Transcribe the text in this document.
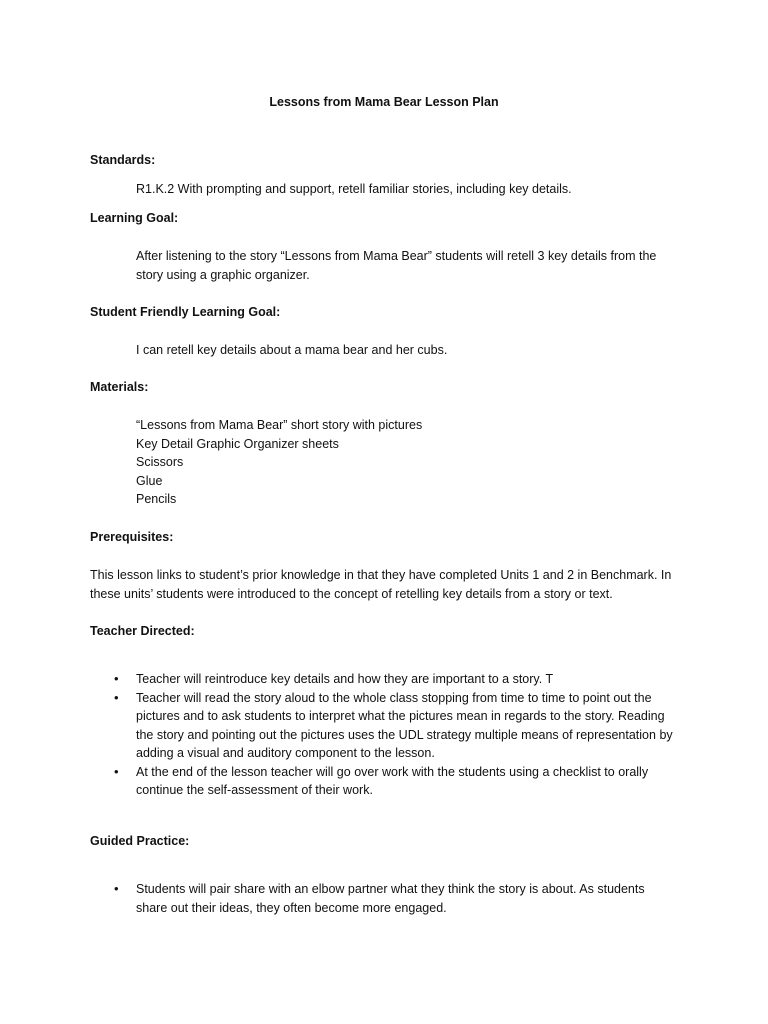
Lessons from Mama Bear Lesson Plan
Standards:

R1.K.2 With prompting and support, retell familiar stories, including key details.

Learning Goal:

After listening to the story “Lessons from Mama Bear” students will retell 3 key details from the story using a graphic organizer.

Student Friendly Learning Goal:

I can retell key details about a mama bear and her cubs.

Materials:
“Lessons from Mama Bear” short story with pictures
Key Detail Graphic Organizer sheets
Scissors
Glue
Pencils
Prerequisites:

This lesson links to student’s prior knowledge in that they have completed Units 1 and 2 in Benchmark. In these units’ students were introduced to the concept of retelling key details from a story or text.

Teacher Directed:
• Teacher will reintroduce key details and how they are important to a story. T
• Teacher will read the story aloud to the whole class stopping from time to time to point out the pictures and to ask students to interpret what the pictures mean in regards to the story. Reading the story and pointing out the pictures uses the UDL strategy multiple means of representation by adding a visual and auditory component to the lesson.
• At the end of the lesson teacher will go over work with the students using a checklist to orally continue the self-assessment of their work.
Guided Practice:
• Students will pair share with an elbow partner what they think the story is about. As students share out their ideas, they often become more engaged.
